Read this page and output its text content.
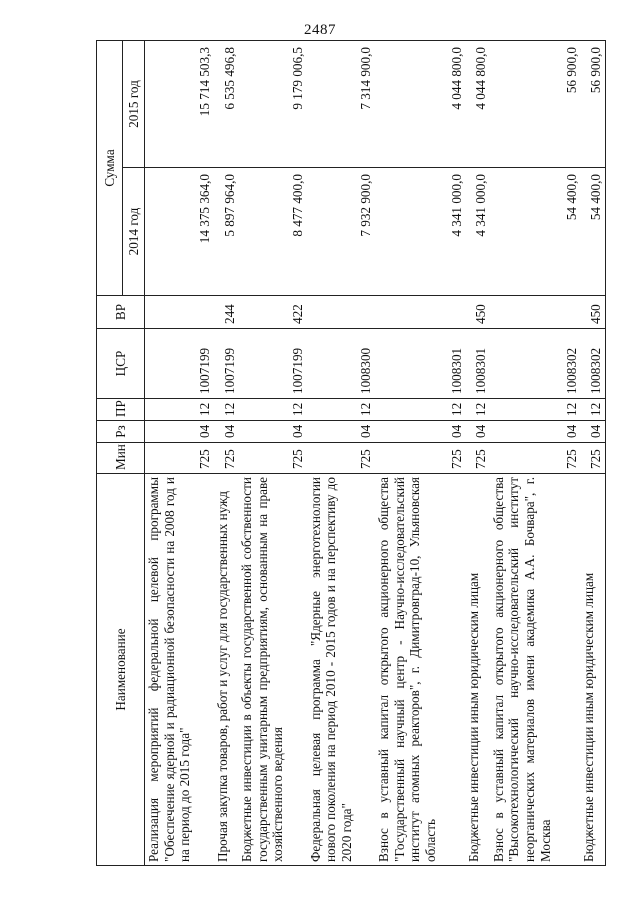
2487
Наименование	Мин	Рз	ПР	ЦСР	ВР	Сумма	
						2014 год	2015 год
Реализация мероприятий федеральной целевой программы "Обеспечение ядерной и радиационной безопасности на 2008 год и на период до 2015 года"	725	04	12	1007199		14 375 364,0	15 714 503,3
Прочая закупка товаров, работ и услуг для государственных нужд	725	04	12	1007199	244	5 897 964,0	6 535 496,8
Бюджетные инвестиции в объекты государственной собственности государственным унитарным предприятиям, основанным на праве хозяйственного ведения	725	04	12	1007199	422	8 477 400,0	9 179 006,5
Федеральная целевая программа "Ядерные энерготехнологии нового поколения на период 2010 - 2015 годов и на перспективу до 2020 года"	725	04	12	1008300		7 932 900,0	7 314 900,0
Взнос в уставный капитал открытого акционерного общества "Государственный научный центр - Научно-исследовательский институт атомных реакторов", г. Димитровград-10, Ульяновская область	725	04	12	1008301		4 341 000,0	4 044 800,0
Бюджетные инвестиции иным юридическим лицам	725	04	12	1008301	450	4 341 000,0	4 044 800,0
Взнос в уставный капитал открытого акционерного общества "Высокотехнологический научно-исследовательский институт неорганических материалов имени академика А.А. Бочвара", г. Москва	725	04	12	1008302		54 400,0	56 900,0
Бюджетные инвестиции иным юридическим лицам	725	04	12	1008302	450	54 400,0	56 900,0
